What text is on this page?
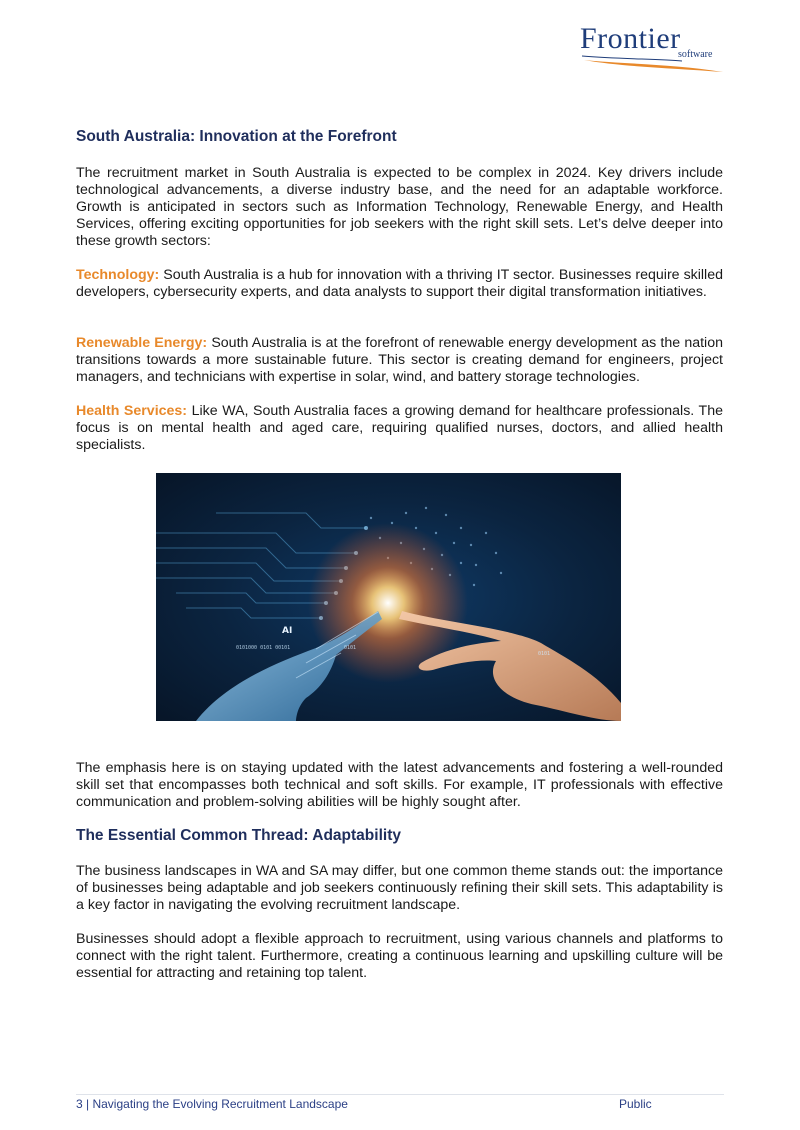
Frontier
software
South Australia: Innovation at the Forefront

The recruitment market in South Australia is expected to be complex in 2024. Key drivers include technological advancements, a diverse industry base, and the need for an adaptable workforce. Growth is anticipated in sectors such as Information Technology, Renewable Energy, and Health Services, offering exciting opportunities for job seekers with the right skill sets. Let’s delve deeper into these growth sectors:

Technology: South Australia is a hub for innovation with a thriving IT sector. Businesses require skilled developers, cybersecurity experts, and data analysts to support their digital transformation initiatives.

Renewable Energy: South Australia is at the forefront of renewable energy development as the nation transitions towards a more sustainable future. This sector is creating demand for engineers, project managers, and technicians with expertise in solar, wind, and battery storage technologies.

Health Services: Like WA, South Australia faces a growing demand for healthcare professionals. The focus is on mental health and aged care, requiring qualified nurses, doctors, and allied health specialists.

0101000 0101 00101	0101
0101
AI

The emphasis here is on staying updated with the latest advancements and fostering a well-rounded skill set that encompasses both technical and soft skills. For example, IT professionals with effective communication and problem-solving abilities will be highly sought after.

The Essential Common Thread: Adaptability

The business landscapes in WA and SA may differ, but one common theme stands out: the importance of businesses being adaptable and job seekers continuously refining their skill sets. This adaptability is a key factor in navigating the evolving recruitment landscape.

Businesses should adopt a flexible approach to recruitment, using various channels and platforms to connect with the right talent. Furthermore, creating a continuous learning and upskilling culture will be essential for attracting and retaining top talent.

3 | Navigating the Evolving Recruitment Landscape	Public
